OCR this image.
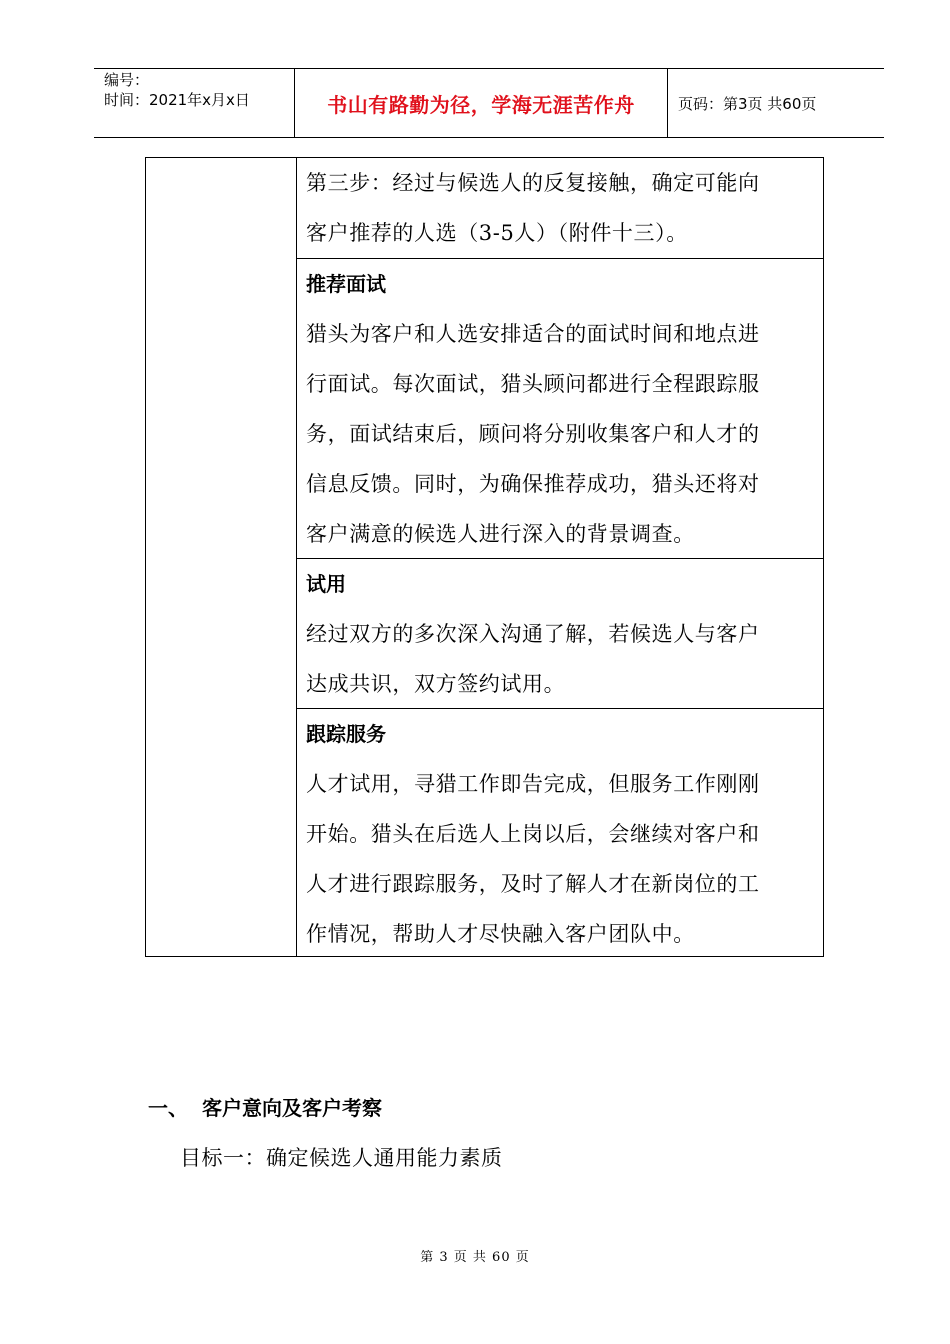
编号：
时间：2021年x月x日	书山有路勤为径，学海无涯苦作舟	页码：第3页 共60页
第三步：经过与候选人的反复接触，确定可能向
客户推荐的人选（3-5人）（附件十三）。
推荐面试
猎头为客户和人选安排适合的面试时间和地点进
行面试。每次面试，猎头顾问都进行全程跟踪服
务，面试结束后，顾问将分别收集客户和人才的
信息反馈。同时，为确保推荐成功，猎头还将对
客户满意的候选人进行深入的背景调查。
试用
经过双方的多次深入沟通了解，若候选人与客户
达成共识，双方签约试用。
跟踪服务
人才试用，寻猎工作即告完成，但服务工作刚刚
开始。猎头在后选人上岗以后，会继续对客户和
人才进行跟踪服务，及时了解人才在新岗位的工
作情况，帮助人才尽快融入客户团队中。
一、 客户意向及客户考察
目标一：确定候选人通用能力素质
第 3 页 共 60 页
